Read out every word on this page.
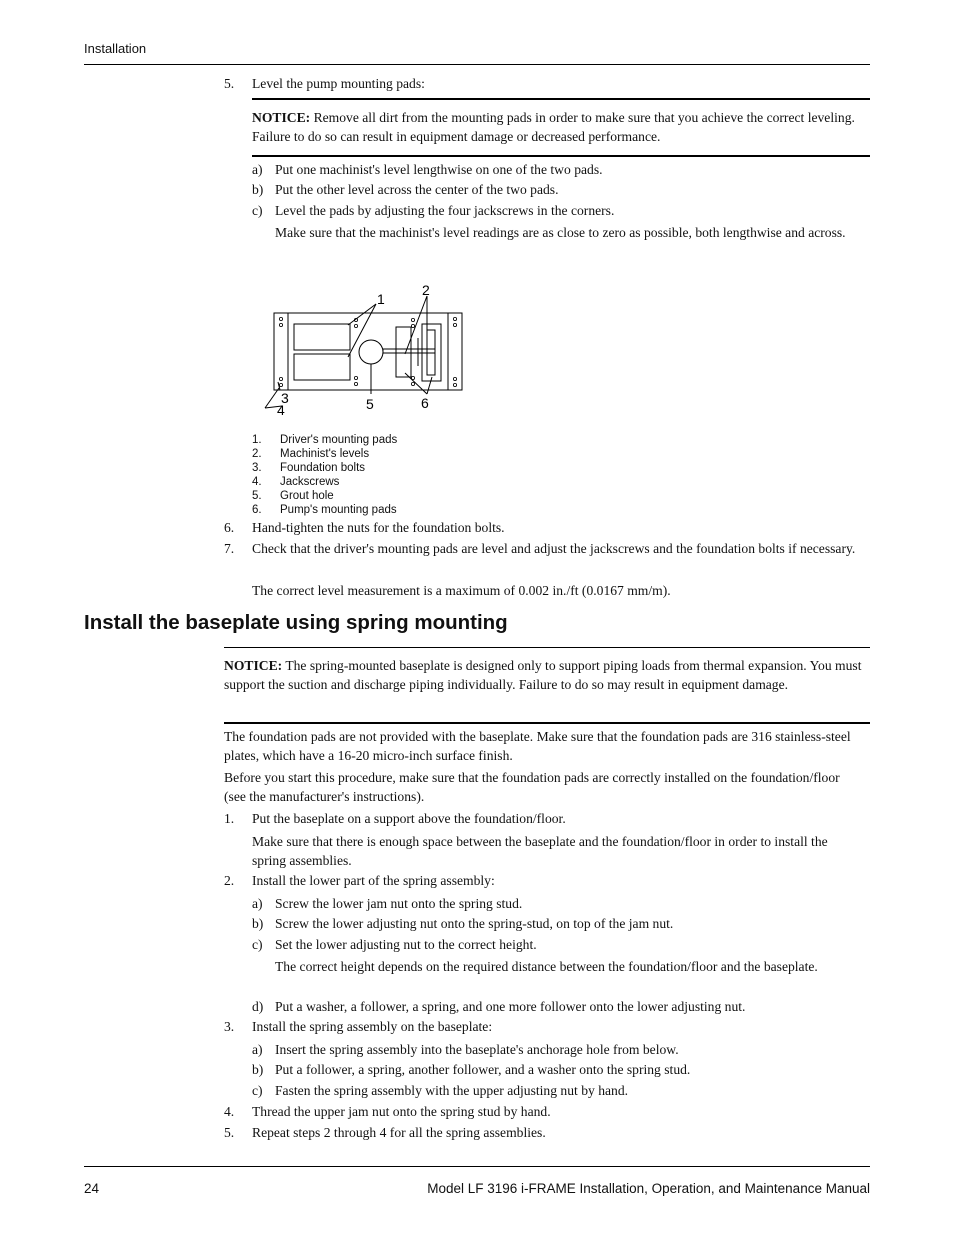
Installation
5. Level the pump mounting pads:
NOTICE: Remove all dirt from the mounting pads in order to make sure that you achieve the correct leveling. Failure to do so can result in equipment damage or decreased performance.
a) Put one machinist's level lengthwise on one of the two pads.
b) Put the other level across the center of the two pads.
c) Level the pads by adjusting the four jackscrews in the corners.
Make sure that the machinist's level readings are as close to zero as possible, both lengthwise and across.
1
2
3
4	5	6
1. Driver's mounting pads
2. Machinist's levels
3. Foundation bolts
4. Jackscrews
5. Grout hole
6. Pump's mounting pads
6. Hand-tighten the nuts for the foundation bolts.
7. Check that the driver's mounting pads are level and adjust the jackscrews and the foundation bolts if necessary.
The correct level measurement is a maximum of 0.002 in./ft (0.0167 mm/m).
Install the baseplate using spring mounting
NOTICE: The spring-mounted baseplate is designed only to support piping loads from thermal expansion. You must support the suction and discharge piping individually. Failure to do so may result in equipment damage.
The foundation pads are not provided with the baseplate. Make sure that the foundation pads are 316 stainless-steel plates, which have a 16-20 micro-inch surface finish.
Before you start this procedure, make sure that the foundation pads are correctly installed on the foundation/floor (see the manufacturer's instructions).
1. Put the baseplate on a support above the foundation/floor.
Make sure that there is enough space between the baseplate and the foundation/floor in order to install the spring assemblies.
2. Install the lower part of the spring assembly:
a) Screw the lower jam nut onto the spring stud.
b) Screw the lower adjusting nut onto the spring-stud, on top of the jam nut.
c) Set the lower adjusting nut to the correct height.
The correct height depends on the required distance between the foundation/floor and the baseplate.
d) Put a washer, a follower, a spring, and one more follower onto the lower adjusting nut.
3. Install the spring assembly on the baseplate:
a) Insert the spring assembly into the baseplate's anchorage hole from below.
b) Put a follower, a spring, another follower, and a washer onto the spring stud.
c) Fasten the spring assembly with the upper adjusting nut by hand.
4. Thread the upper jam nut onto the spring stud by hand.
5. Repeat steps 2 through 4 for all the spring assemblies.
24	Model LF 3196 i-FRAME Installation, Operation, and Maintenance Manual
